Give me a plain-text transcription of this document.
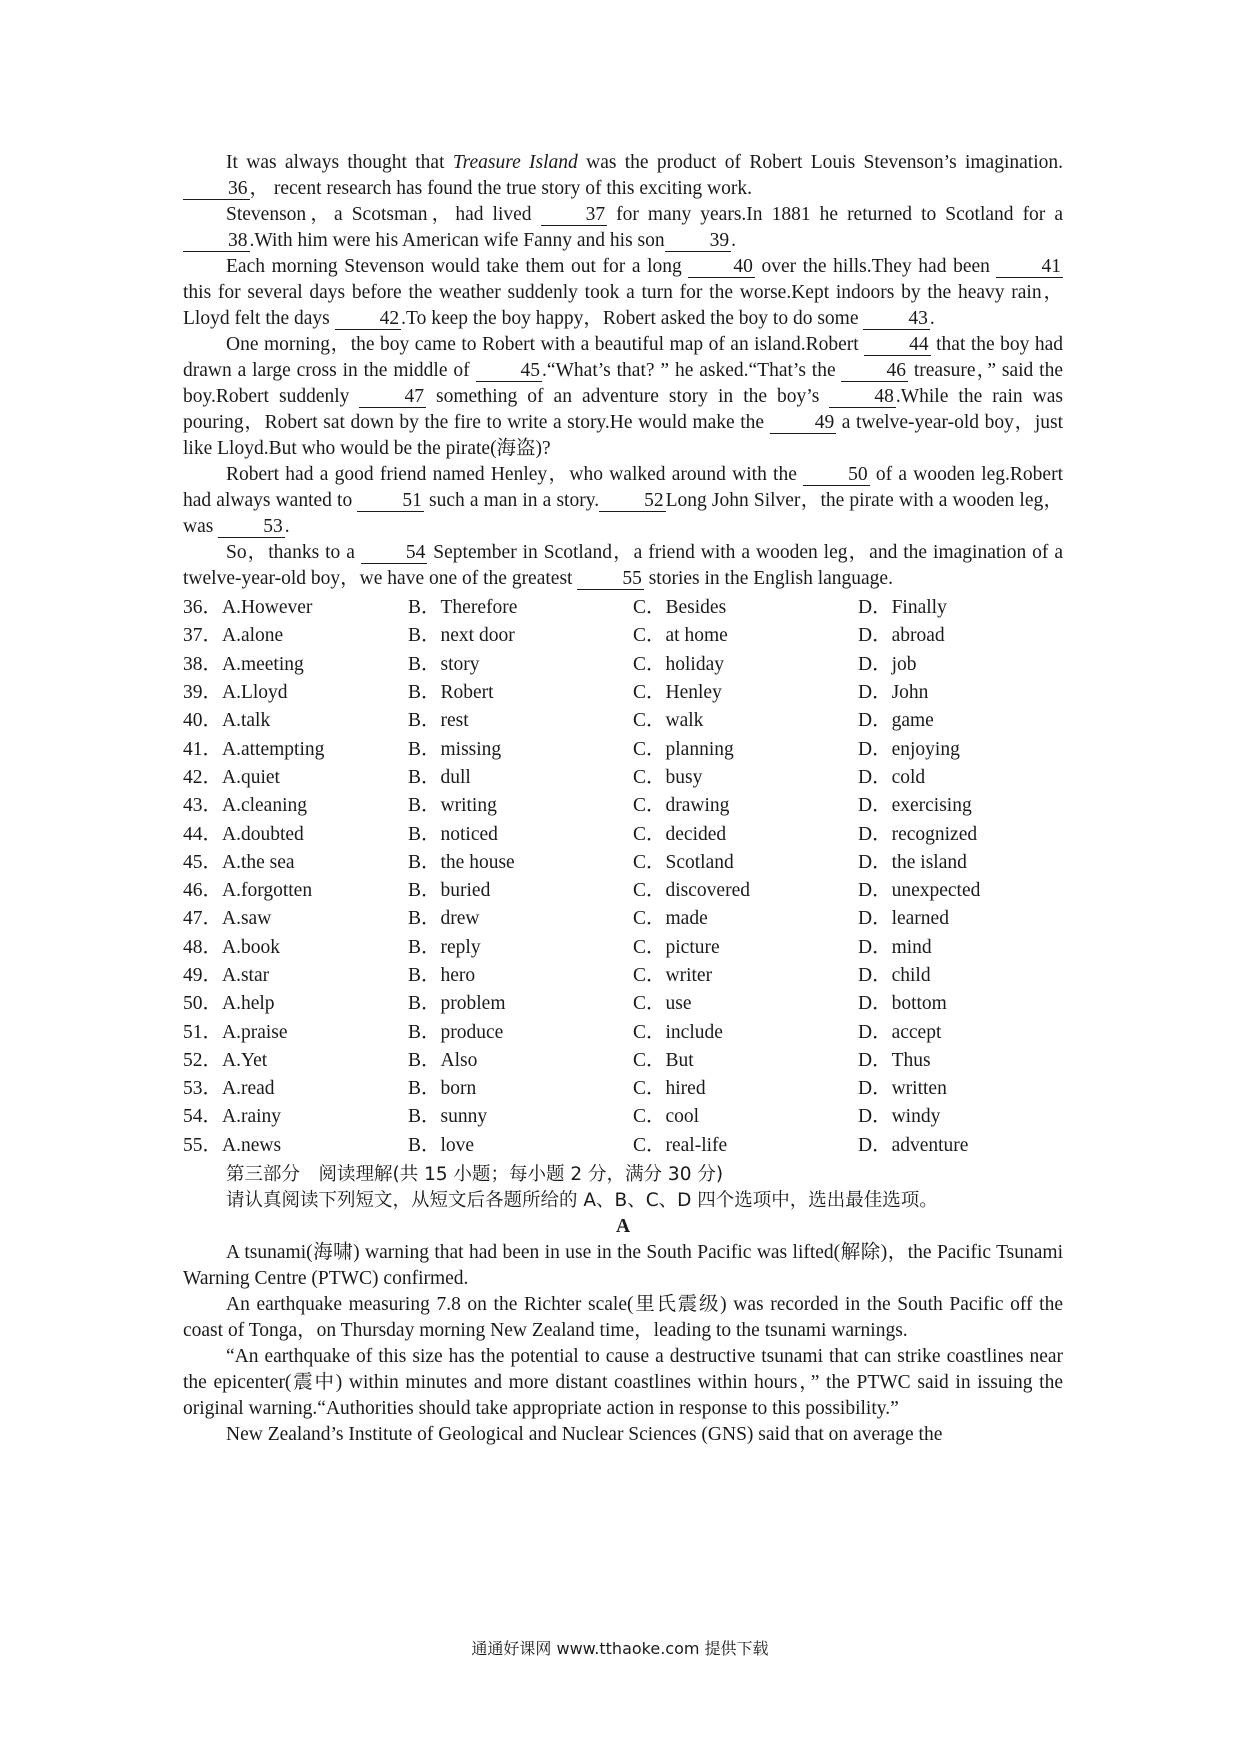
It was always thought that Treasure Island was the product of Robert Louis Stevenson’s imagination.36 ， recent research has found the true story of this exciting work.

Stevenson，a Scotsman，had lived 37 for many years.In 1881 he returned to Scotland for a 38 .With him were his American wife Fanny and his son 39 .

Each morning Stevenson would take them out for a long 40 over the hills.They had been 41 this for several days before the weather suddenly took a turn for the worse.Kept indoors by the heavy rain，Lloyd felt the days 42 .To keep the boy happy，Robert asked the boy to do some 43 .

One morning，the boy came to Robert with a beautiful map of an island.Robert 44 that the boy had drawn a large cross in the middle of 45 .“What’s that? ” he asked.“That’s the 46 treasure，” said the boy.Robert suddenly 47 something of an adventure story in the boy’s 48 .While the rain was pouring，Robert sat down by the fire to write a story.He would make the 49 a twelve-year-old boy，just like Lloyd.But who would be the pirate(海盗)?

Robert had a good friend named Henley，who walked around with the 50 of a wooden leg.Robert had always wanted to 51 such a man in a story. 52 Long John Silver，the pirate with a wooden leg，was 53 .

So，thanks to a 54 September in Scotland，a friend with a wooden leg，and the imagination of a twelve-year-old boy，we have one of the greatest 55 stories in the English language.

36．A.However	B．Therefore	C．Besides	D．Finally
37．A.alone	B．next door	C．at home	D．abroad
38．A.meeting	B．story	C．holiday	D．job
39．A.Lloyd	B．Robert	C．Henley	D．John
40．A.talk	B．rest	C．walk	D．game
41．A.attempting	B．missing	C．planning	D．enjoying
42．A.quiet	B．dull	C．busy	D．cold
43．A.cleaning	B．writing	C．drawing	D．exercising
44．A.doubted	B．noticed	C．decided	D．recognized
45．A.the sea	B．the house	C．Scotland	D．the island
46．A.forgotten	B．buried	C．discovered	D．unexpected
47．A.saw	B．drew	C．made	D．learned
48．A.book	B．reply	C．picture	D．mind
49．A.star	B．hero	C．writer	D．child
50．A.help	B．problem	C．use	D．bottom
51．A.praise	B．produce	C．include	D．accept
52．A.Yet	B．Also	C．But	D．Thus
53．A.read	B．born	C．hired	D．written
54．A.rainy	B．sunny	C．cool	D．windy
55．A.news	B．love	C．real-life	D．adventure
第三部分　阅读理解(共 15 小题；每小题 2 分，满分 30 分)
请认真阅读下列短文，从短文后各题所给的 A、B、C、D 四个选项中，选出最佳选项。
A

A tsunami(海啸) warning that had been in use in the South Pacific was lifted(解除)，the Pacific Tsunami Warning Centre (PTWC) confirmed.

An earthquake measuring 7.8 on the Richter scale(里氏震级) was recorded in the South Pacific off the coast of Tonga，on Thursday morning New Zealand time，leading to the tsunami warnings.

“An earthquake of this size has the potential to cause a destructive tsunami that can strike coastlines near the epicenter(震中) within minutes and more distant coastlines within hours，” the PTWC said in issuing the original warning.“Authorities should take appropriate action in response to this possibility.”

New Zealand’s Institute of Geological and Nuclear Sciences (GNS) said that on average the

通通好课网 www.tthaoke.com 提供下载
